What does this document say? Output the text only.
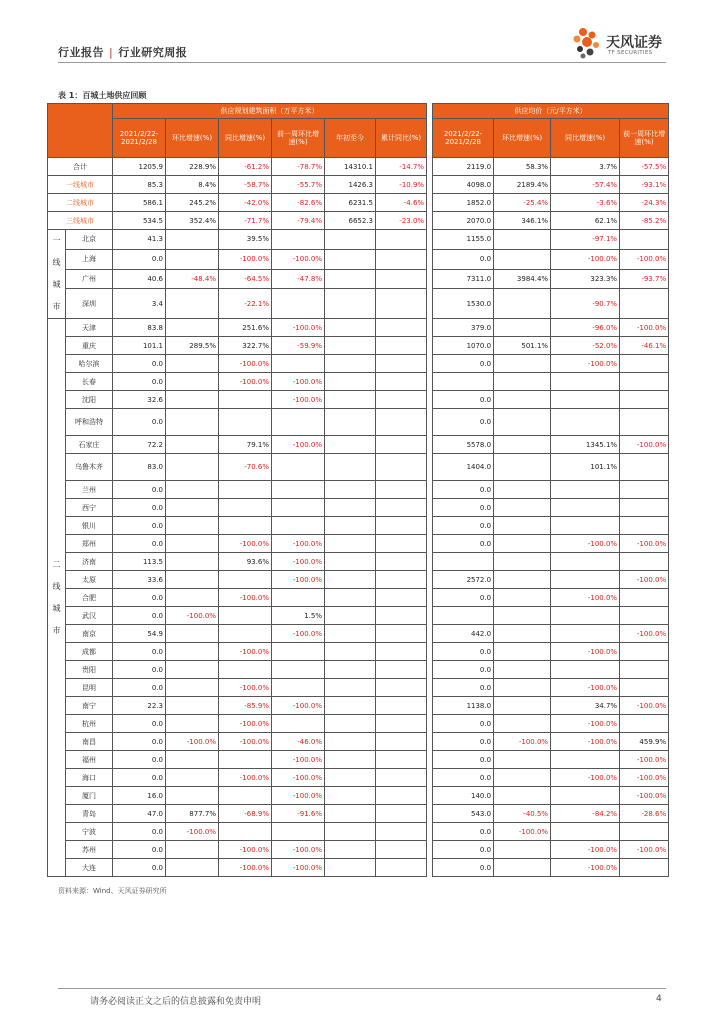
行业报告 | 行业研究周报
天风证券
TF SECURITIES
表 1：百城土地供应回顾
		供应规划建筑面积（万平方米）							供应均价（元/平方米）			
		2021/2/22-2021/2/28	环比增速(%)	同比增速(%)	前一周环比增速(%)	年初至今	累计同比(%)		2021/2/22-2021/2/28	环比增速(%)	同比增速(%)	前一周环比增速(%)
合计		1205.9	228.9%	-61.2%	-78.7%	14310.1	-14.7%		2119.0	58.3%	3.7%	-57.5%
一线城市		85.3	8.4%	-58.7%	-55.7%	1426.3	-10.9%		4098.0	2189.4%	-57.4%	-93.1%
二线城市		586.1	245.2%	-42.0%	-82.6%	6231.5	-4.6%		1852.0	-25.4%	-3.6%	-24.3%
三线城市		534.5	352.4%	-71.7%	-79.4%	6652.3	-23.0%		2070.0	346.1%	62.1%	-85.2%

一
线
城
市	北京	41.3		39.5%					1155.0		-97.1%	
	上海	0.0		-100.0%	-100.0%				0.0		-100.0%	-100.0%
	广州	40.6	-48.4%	-64.5%	-47.8%				7311.0	3984.4%	323.3%	-93.7%
	深圳	3.4		-22.1%					1530.0		-90.7%	

二
线
城
市	天津	83.8		251.6%	-100.0%				379.0		-96.0%	-100.0%
	重庆	101.1	289.5%	322.7%	-59.9%				1070.0	501.1%	-52.0%	-46.1%
	哈尔滨	0.0		-100.0%					0.0		-100.0%	
	长春	0.0		-100.0%	-100.0%							
	沈阳	32.6			-100.0%				0.0			
	呼和浩特	0.0							0.0			
	石家庄	72.2		79.1%	-100.0%				5578.0		1345.1%	-100.0%
	乌鲁木齐	83.0		-70.6%					1404.0		101.1%	
	兰州	0.0							0.0			
	西宁	0.0							0.0			
	银川	0.0							0.0			
	郑州	0.0		-100.0%	-100.0%				0.0		-100.0%	-100.0%
	济南	113.5		93.6%	-100.0%							
	太原	33.6			-100.0%				2572.0			-100.0%
	合肥	0.0		-100.0%					0.0		-100.0%	
	武汉	0.0	-100.0%		1.5%							
	南京	54.9			-100.0%				442.0			-100.0%
	成都	0.0		-100.0%					0.0		-100.0%	
	贵阳	0.0							0.0			
	昆明	0.0		-100.0%					0.0		-100.0%	
	南宁	22.3		-85.9%	-100.0%				1138.0		34.7%	-100.0%
	杭州	0.0		-100.0%					0.0		-100.0%	
	南昌	0.0	-100.0%	-100.0%	-46.0%				0.0	-100.0%	-100.0%	459.9%
	福州	0.0			-100.0%				0.0			-100.0%
	海口	0.0		-100.0%	-100.0%				0.0		-100.0%	-100.0%
	厦门	16.0			-100.0%				140.0			-100.0%
	青岛	47.0	877.7%	-68.9%	-91.6%				543.0	-40.5%	-84.2%	-28.6%
	宁波	0.0	-100.0%						0.0	-100.0%		
	苏州	0.0		-100.0%	-100.0%				0.0		-100.0%	-100.0%
	大连	0.0		-100.0%	-100.0%				0.0		-100.0%	
资料来源：Wind、天风证券研究所
请务必阅读正文之后的信息披露和免责申明	4
